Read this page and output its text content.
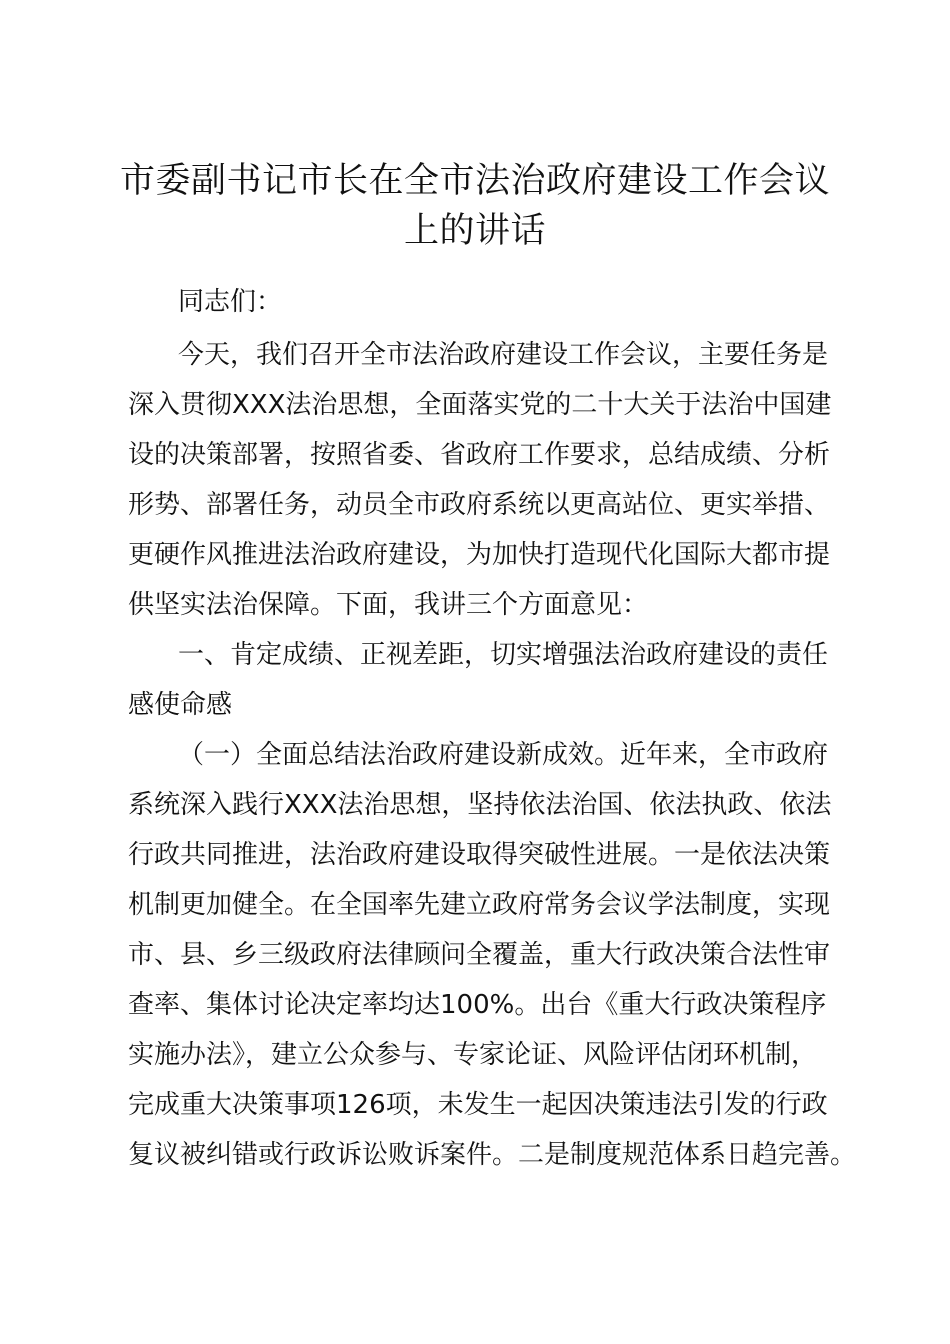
市委副书记市长在全市法治政府建设工作会议
上的讲话

同志们：

今天，我们召开全市法治政府建设工作会议，主要任务是

深入贯彻XXX法治思想，全面落实党的二十大关于法治中国建

设的决策部署，按照省委、省政府工作要求，总结成绩、分析

形势、部署任务，动员全市政府系统以更高站位、更实举措、

更硬作风推进法治政府建设，为加快打造现代化国际大都市提

供坚实法治保障。下面，我讲三个方面意见：

一、肯定成绩、正视差距，切实增强法治政府建设的责任

感使命感

（一）全面总结法治政府建设新成效。近年来，全市政府

系统深入践行XXX法治思想，坚持依法治国、依法执政、依法

行政共同推进，法治政府建设取得突破性进展。一是依法决策

机制更加健全。在全国率先建立政府常务会议学法制度，实现

市、县、乡三级政府法律顾问全覆盖，重大行政决策合法性审

查率、集体讨论决定率均达100%。出台《重大行政决策程序

实施办法》，建立公众参与、专家论证、风险评估闭环机制，

完成重大决策事项126项，未发生一起因决策违法引发的行政

复议被纠错或行政诉讼败诉案件。二是制度规范体系日趋完善。
